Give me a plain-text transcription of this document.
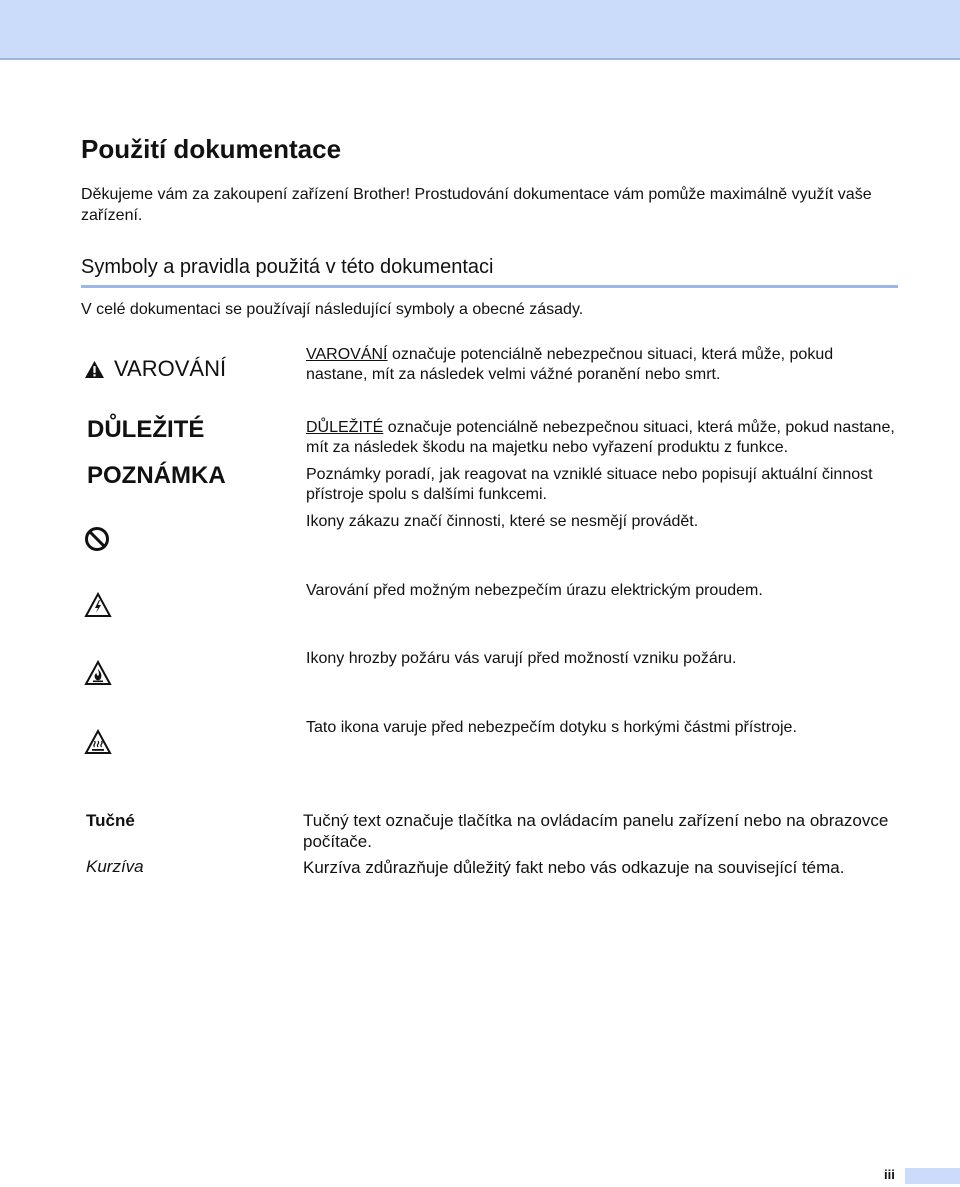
Použití dokumentace
Děkujeme vám za zakoupení zařízení Brother! Prostudování dokumentace vám pomůže maximálně využít vaše zařízení.
Symboly a pravidla použitá v této dokumentaci
V celé dokumentaci se používají následující symboly a obecné zásady.
VAROVÁNÍ
DŮLEŽITÉ
POZNÁMKA
VAROVÁNÍ označuje potenciálně nebezpečnou situaci, která může, pokud nastane, mít za následek velmi vážné poranění nebo smrt.
DŮLEŽITÉ označuje potenciálně nebezpečnou situaci, která může, pokud nastane, mít za následek škodu na majetku nebo vyřazení produktu z funkce.
Poznámky poradí, jak reagovat na vzniklé situace nebo popisují aktuální činnost přístroje spolu s dalšími funkcemi.
Ikony zákazu značí činnosti, které se nesmějí provádět.
Varování před možným nebezpečím úrazu elektrickým proudem.
Ikony hrozby požáru vás varují před možností vzniku požáru.
Tato ikona varuje před nebezpečím dotyku s horkými částmi přístroje.
Tučné	Tučný text označuje tlačítka na ovládacím panelu zařízení nebo na obrazovce počítače.
Kurzíva	Kurzíva zdůrazňuje důležitý fakt nebo vás odkazuje na související téma.
iii
